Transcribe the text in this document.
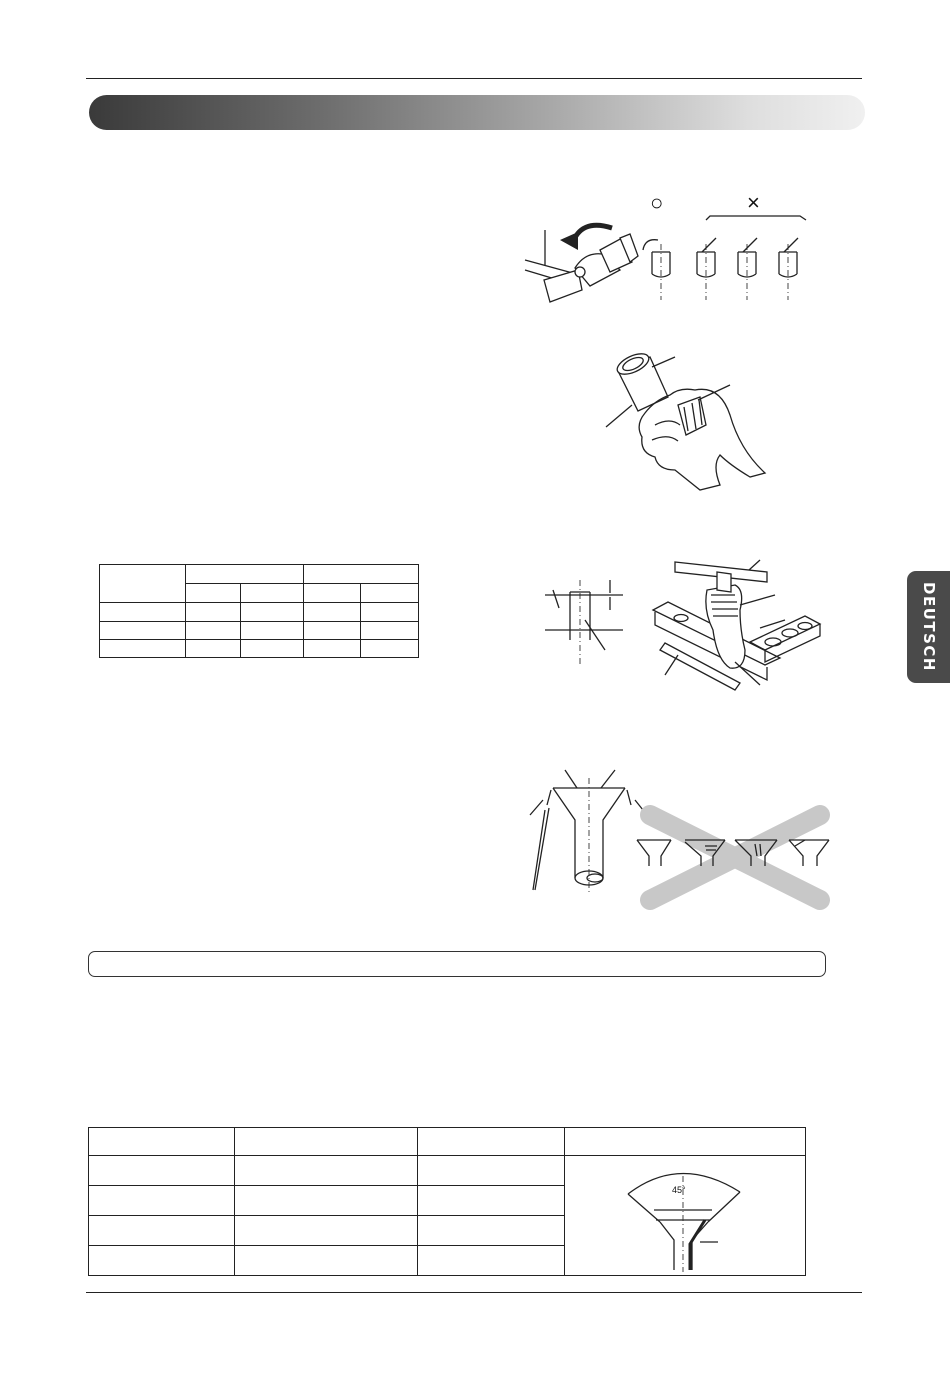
DEUTSCH
○	×

45°
